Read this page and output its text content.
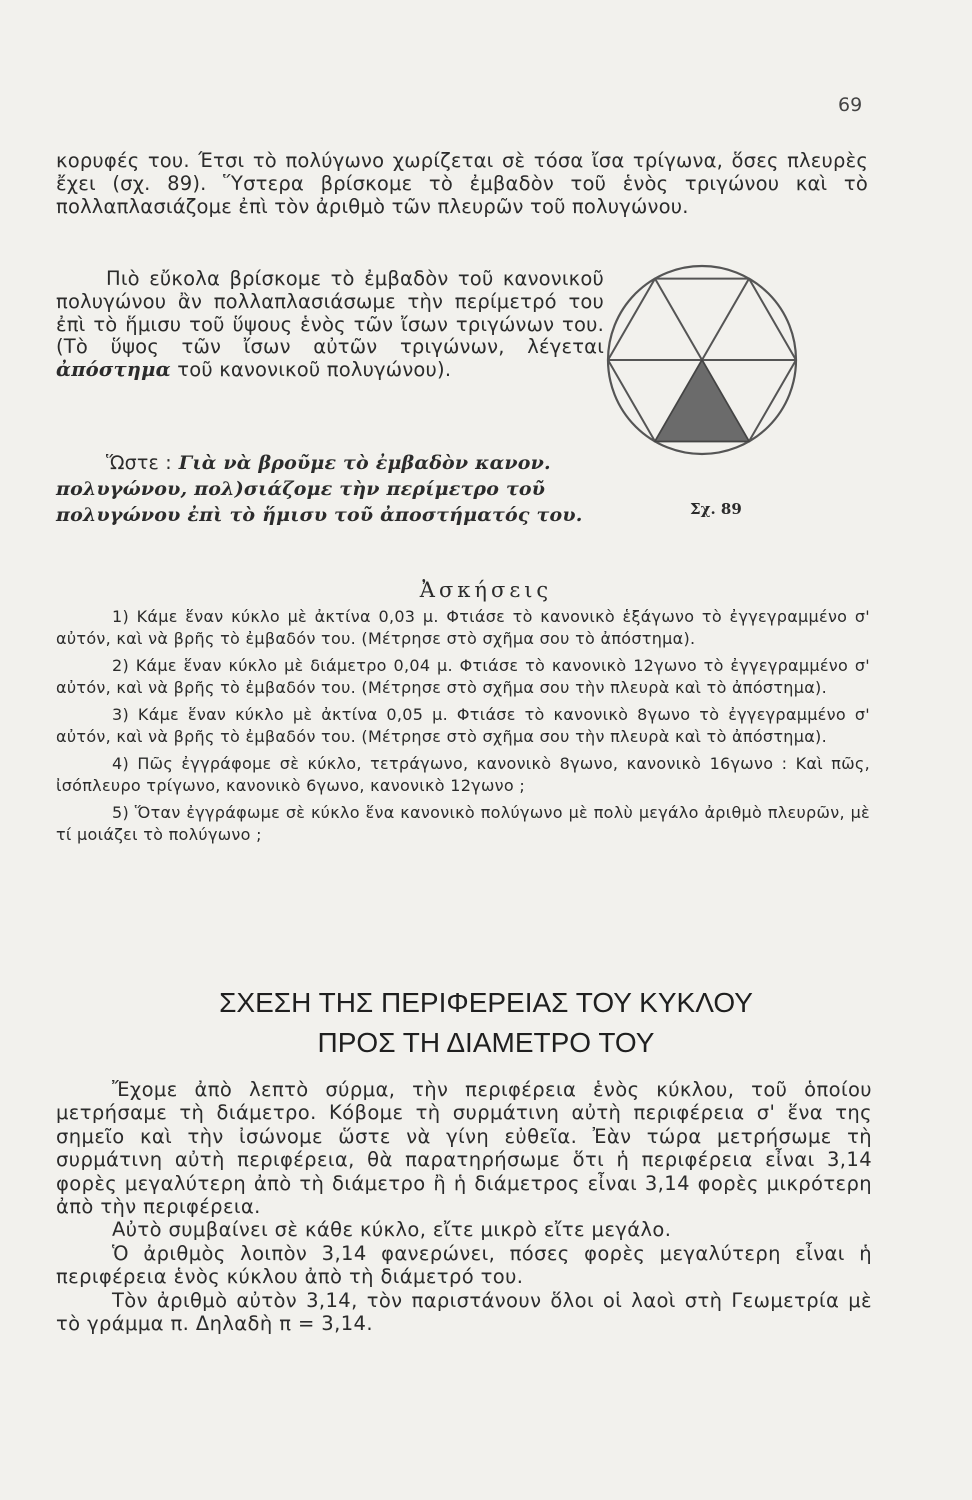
69

κορυφές του. Έτσι τὸ πολύγωνο χωρίζεται σὲ τόσα ἴσα τρίγωνα, ὅσες πλευρὲς ἔχει (σχ. 89). Ὕστερα βρίσκομε τὸ ἐμβαδὸν τοῦ ἑνὸς τριγώνου καὶ τὸ πολλαπλασιάζομε ἐπὶ τὸν ἀριθμὸ τῶν πλευρῶν τοῦ πολυγώνου.

Πιὸ εὔκολα βρίσκομε τὸ ἐμβαδὸν τοῦ κανονικοῦ πολυγώνου ἂν πολλαπλασιάσωμε τὴν περίμετρό του ἐπὶ τὸ ἥμισυ τοῦ ὕψους ἑνὸς τῶν ἴσων τριγώνων του. (Τὸ ὕψος τῶν ἴσων αὐτῶν τριγώνων, λέγεται ἀπόστημα τοῦ κανονικοῦ πολυγώνου).

Ὥστε : Γιὰ νὰ βροῦμε τὸ ἐμβαδὸν κανον. πολυγώνου, πολ)σιάζομε τὴν περίμετρο τοῦ πολυγώνου ἐπὶ τὸ ἥμισυ τοῦ ἀποστήματός του.	Σχ. 89
Ἀσκήσεις

1) Κάμε ἕναν κύκλο μὲ ἀκτίνα 0,03 μ. Φτιάσε τὸ κανονικὸ ἑξάγωνο τὸ ἐγγεγραμμένο σ' αὐτόν, καὶ νὰ βρῆς τὸ ἐμβαδόν του. (Μέτρησε στὸ σχῆμα σου τὸ ἀπόστημα).

2) Κάμε ἕναν κύκλο μὲ διάμετρο 0,04 μ. Φτιάσε τὸ κανονικὸ 12γωνο τὸ ἐγγεγραμμένο σ' αὐτόν, καὶ νὰ βρῆς τὸ ἐμβαδόν του. (Μέτρησε στὸ σχῆμα σου τὴν πλευρὰ καὶ τὸ ἀπόστημα).

3) Κάμε ἕναν κύκλο μὲ ἀκτίνα 0,05 μ. Φτιάσε τὸ κανονικὸ 8γωνο τὸ ἐγγεγραμμένο σ' αὐτόν, καὶ νὰ βρῆς τὸ ἐμβαδόν του. (Μέτρησε στὸ σχῆμα σου τὴν πλευρὰ καὶ τὸ ἀπόστημα).

4) Πῶς ἐγγράφομε σὲ κύκλο, τετράγωνο, κανονικὸ 8γωνο, κανονικὸ 16γωνο : Καὶ πῶς, ἰσόπλευρο τρίγωνο, κανονικὸ 6γωνο, κανονικὸ 12γωνο ;

5) Ὅταν ἐγγράφωμε σὲ κύκλο ἕνα κανονικὸ πολύγωνο μὲ πολὺ μεγάλο ἀριθμὸ πλευρῶν, μὲ τί μοιάζει τὸ πολύγωνο ;

ΣΧΕΣΗ ΤΗΣ ΠΕΡΙΦΕΡΕΙΑΣ ΤΟΥ ΚΥΚΛΟΥ
ΠΡΟΣ ΤΗ ΔΙΑΜΕΤΡΟ ΤΟΥ

Ἔχομε ἀπὸ λεπτὸ σύρμα, τὴν περιφέρεια ἑνὸς κύκλου, τοῦ ὁποίου μετρήσαμε τὴ διάμετρο. Κόβομε τὴ συρμάτινη αὐτὴ περιφέρεια σ' ἕνα της σημεῖο καὶ τὴν ἰσώνομε ὥστε νὰ γίνη εὐθεῖα. Ἐὰν τώρα μετρήσωμε τὴ συρμάτινη αὐτὴ περιφέρεια, θὰ παρατηρήσωμε ὅτι ἡ περιφέρεια εἶναι 3,14 φορὲς μεγαλύτερη ἀπὸ τὴ διάμετρο ἢ ἡ διάμετρος εἶναι 3,14 φορὲς μικρότερη ἀπὸ τὴν περιφέρεια.

Αὐτὸ συμβαίνει σὲ κάθε κύκλο, εἴτε μικρὸ εἴτε μεγάλο.

Ὁ ἀριθμὸς λοιπὸν 3,14 φανερώνει, πόσες φορὲς μεγαλύτερη εἶναι ἡ περιφέρεια ἑνὸς κύκλου ἀπὸ τὴ διάμετρό του.

Τὸν ἀριθμὸ αὐτὸν 3,14, τὸν παριστάνουν ὅλοι οἱ λαοὶ στὴ Γεωμετρία μὲ τὸ γράμμα π. Δηλαδὴ π = 3,14.
